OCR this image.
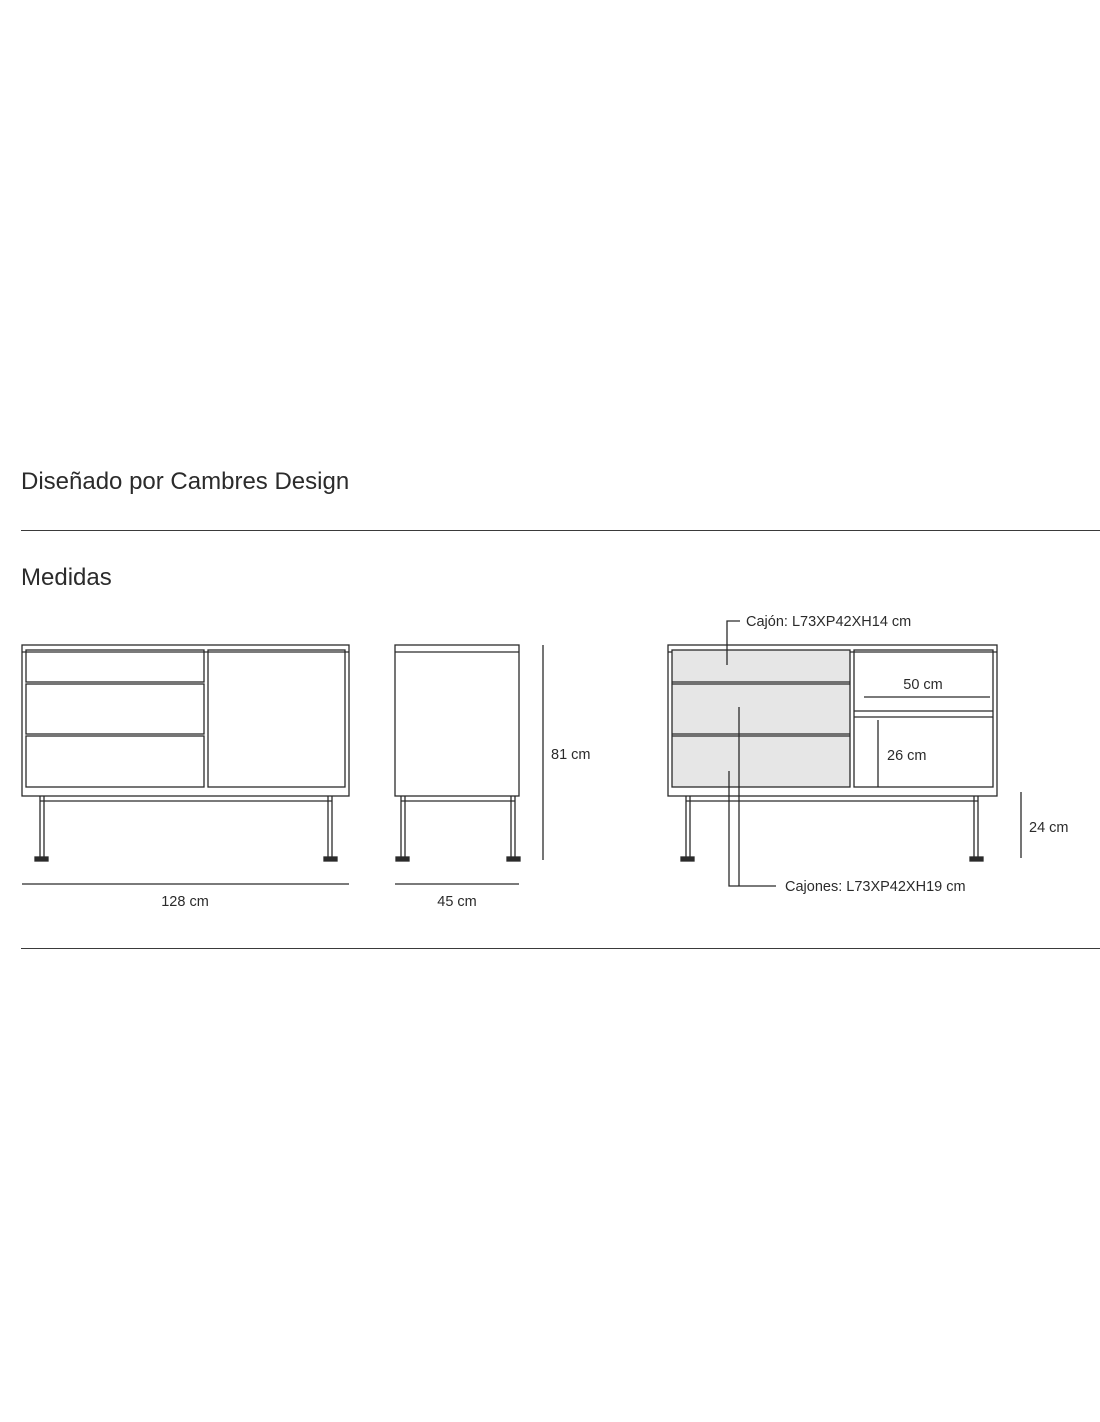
Diseñado por Cambres Design
Medidas
128 cm	45 cm
81 cm
24 cm
50 cm
26 cm
Cajón: L73XP42XH14 cm
Cajones: L73XP42XH19 cm
